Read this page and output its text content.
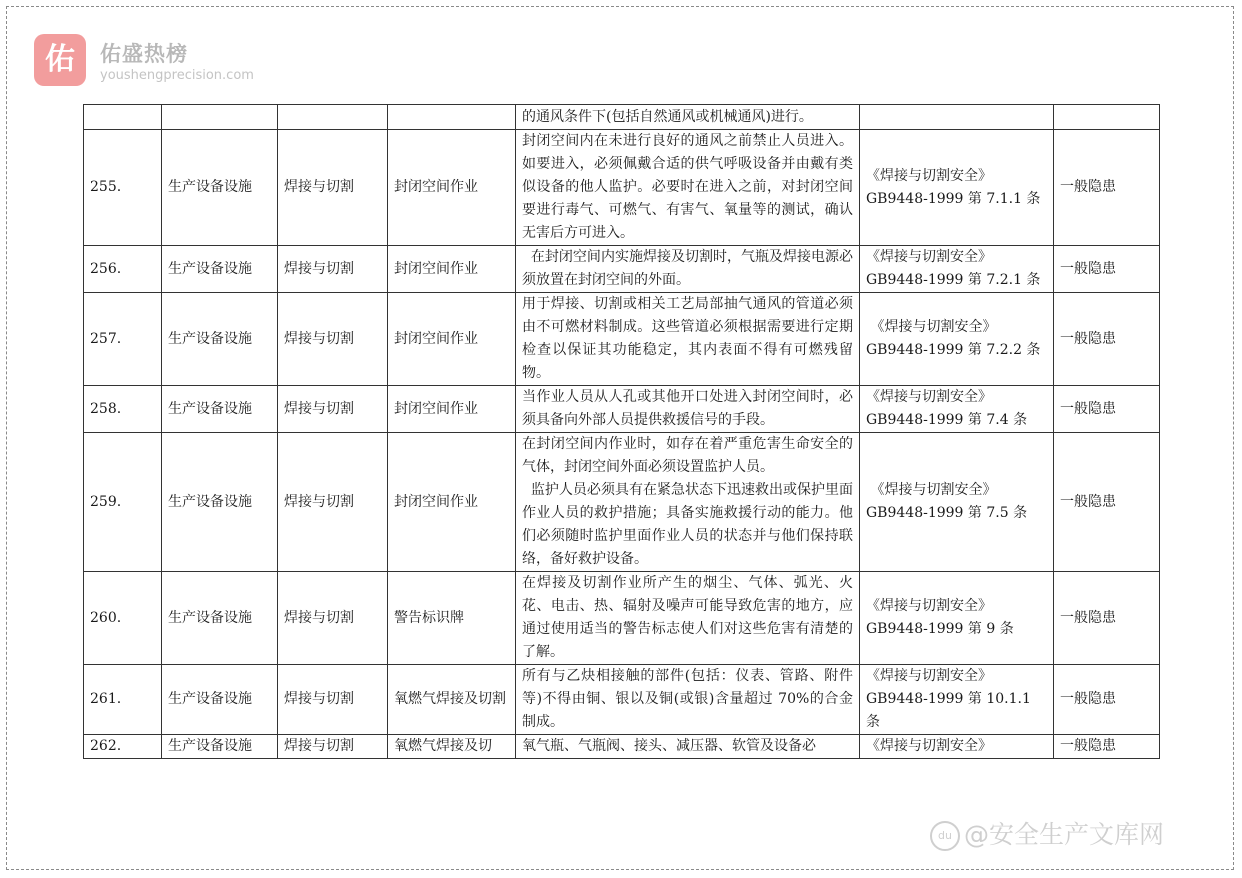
佑	佑盛热榜
youshengprecision.com
				的通风条件下(包括自然通风或机械通风)进行。		
255.	生产设备设施	焊接与切割	封闭空间作业	封闭空间内在未进行良好的通风之前禁止人员进入。如要进入，必须佩戴合适的供气呼吸设备并由戴有类似设备的他人监护。必要时在进入之前，对封闭空间要进行毒气、可燃气、有害气、氧量等的测试，确认无害后方可进入。	《焊接与切割安全》GB9448-1999 第 7.1.1 条	一般隐患
256.	生产设备设施	焊接与切割	封闭空间作业	在封闭空间内实施焊接及切割时，气瓶及焊接电源必须放置在封闭空间的外面。	《焊接与切割安全》GB9448-1999 第 7.2.1 条	一般隐患
257.	生产设备设施	焊接与切割	封闭空间作业	用于焊接、切割或相关工艺局部抽气通风的管道必须由不可燃材料制成。这些管道必须根据需要进行定期检查以保证其功能稳定，其内表面不得有可燃残留物。	《焊接与切割安全》GB9448-1999 第 7.2.2 条	一般隐患
258.	生产设备设施	焊接与切割	封闭空间作业	当作业人员从人孔或其他开口处进入封闭空间时，必须具备向外部人员提供救援信号的手段。	《焊接与切割安全》GB9448-1999 第 7.4 条	一般隐患
259.	生产设备设施	焊接与切割	封闭空间作业	在封闭空间内作业时，如存在着严重危害生命安全的气体，封闭空间外面必须设置监护人员。
监护人员必须具有在紧急状态下迅速救出或保护里面作业人员的救护措施；具备实施救援行动的能力。他们必须随时监护里面作业人员的状态并与他们保持联络，备好救护设备。	《焊接与切割安全》GB9448-1999 第 7.5 条	一般隐患
260.	生产设备设施	焊接与切割	警告标识牌	在焊接及切割作业所产生的烟尘、气体、弧光、火花、电击、热、辐射及噪声可能导致危害的地方，应通过使用适当的警告标志使人们对这些危害有清楚的了解。	《焊接与切割安全》GB9448-1999 第 9 条	一般隐患
261.	生产设备设施	焊接与切割	氧燃气焊接及切割	所有与乙炔相接触的部件(包括：仪表、管路、附件等)不得由铜、银以及铜(或银)含量超过 70%的合金制成。	《焊接与切割安全》GB9448-1999 第 10.1.1 条	一般隐患
262.	生产设备设施	焊接与切割	氧燃气焊接及切	氧气瓶、气瓶阀、接头、减压器、软管及设备必	《焊接与切割安全》	一般隐患
du @安全生产文库网
